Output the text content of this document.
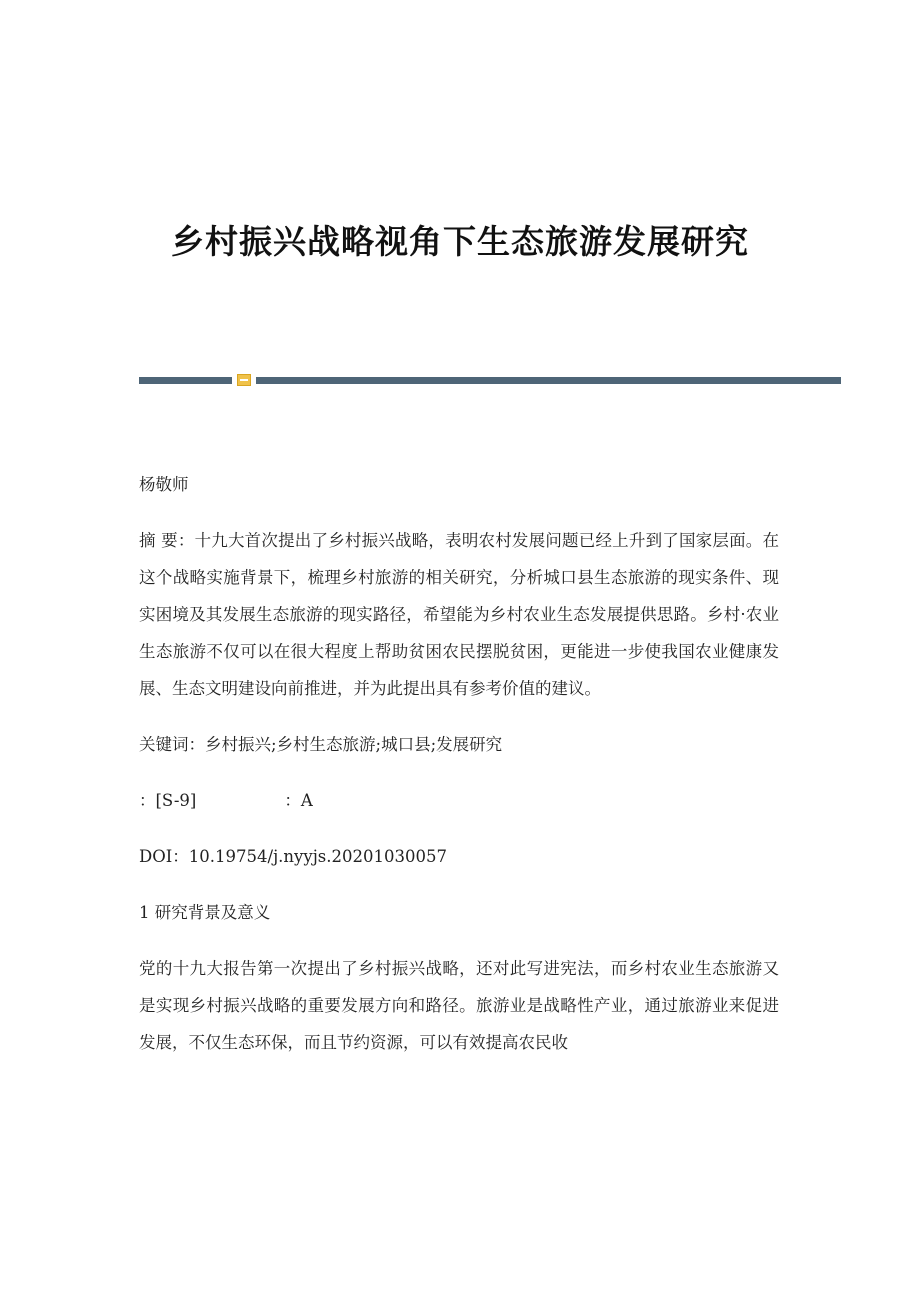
乡村振兴战略视角下生态旅游发展研究

杨敬师

摘 要：十九大首次提出了乡村振兴战略，表明农村发展问题已经上升到了国家层面。在这个战略实施背景下，梳理乡村旅游的相关研究，分析城口县生态旅游的现实条件、现实困境及其发展生态旅游的现实路径，希望能为乡村农业生态发展提供思路。乡村·农业生态旅游不仅可以在很大程度上帮助贫困农民摆脱贫困，更能进一步使我国农业健康发展、生态文明建设向前推进，并为此提出具有参考价值的建议。

关键词：乡村振兴;乡村生态旅游;城口县;发展研究

：[S-9]	：A

DOI：10.19754/j.nyyjs.20201030057

1 研究背景及意义

党的十九大报告第一次提出了乡村振兴战略，还对此写进宪法，而乡村农业生态旅游又是实现乡村振兴战略的重要发展方向和路径。旅游业是战略性产业，通过旅游业来促进发展，不仅生态环保，而且节约资源，可以有效提高农民收
